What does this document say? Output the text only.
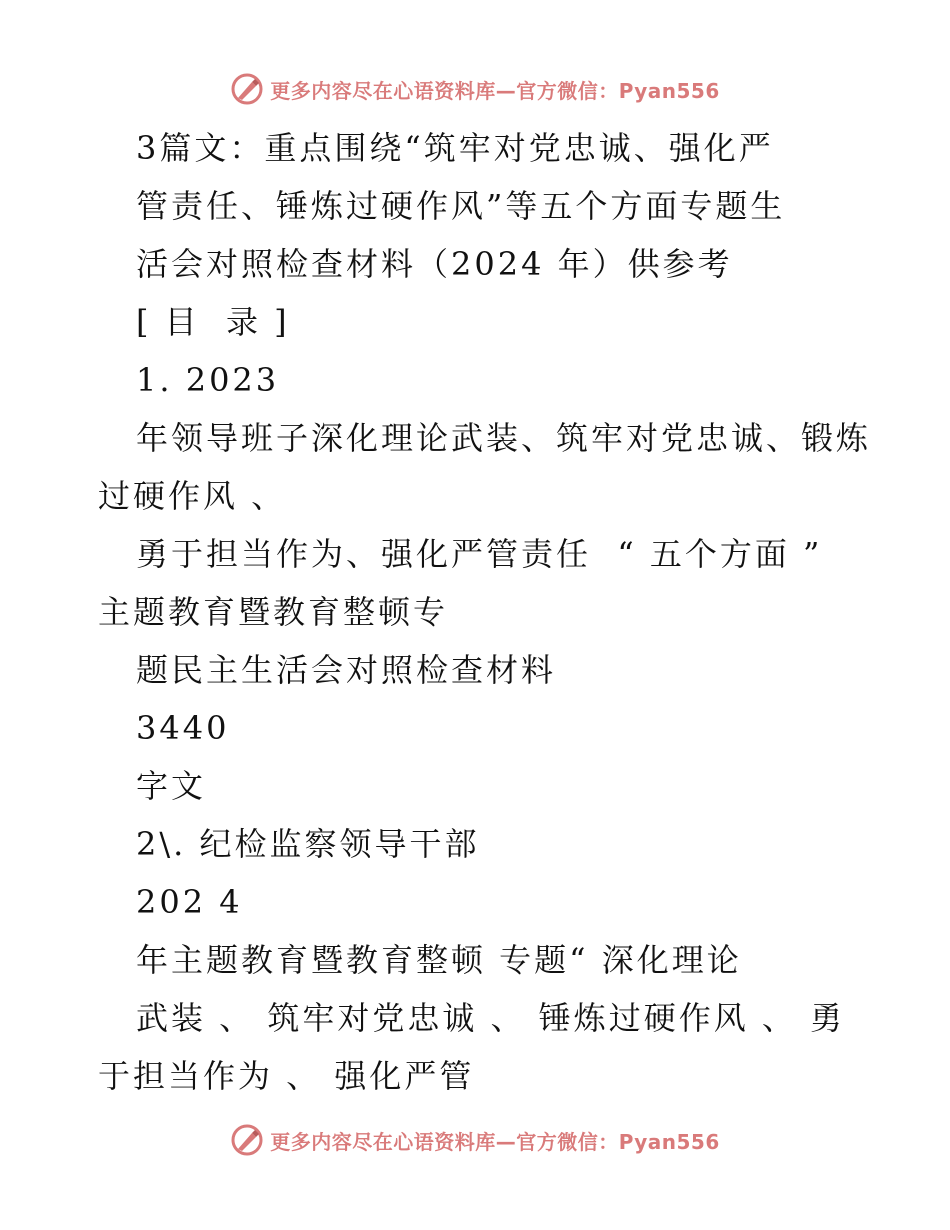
更多内容尽在心语资料库—官方微信：Pyan556
3篇文：重点围绕“筑牢对党忠诚、强化严
管责任、锤炼过硬作风”等五个方面专题生
活会对照检查材料（2024 年）供参考
[ 目  录 ]
1. 2023
年领导班子深化理论武装、筑牢对党忠诚、锻炼
过硬作风 、
勇于担当作为、强化严管责任  “ 五个方面 ”
主题教育暨教育整顿专
题民主生活会对照检查材料
3440
字文
2\. 纪检监察领导干部
202 4
年主题教育暨教育整顿 专题“ 深化理论
武装 、 筑牢对党忠诚 、 锤炼过硬作风 、 勇
于担当作为 、 强化严管
更多内容尽在心语资料库—官方微信：Pyan556
